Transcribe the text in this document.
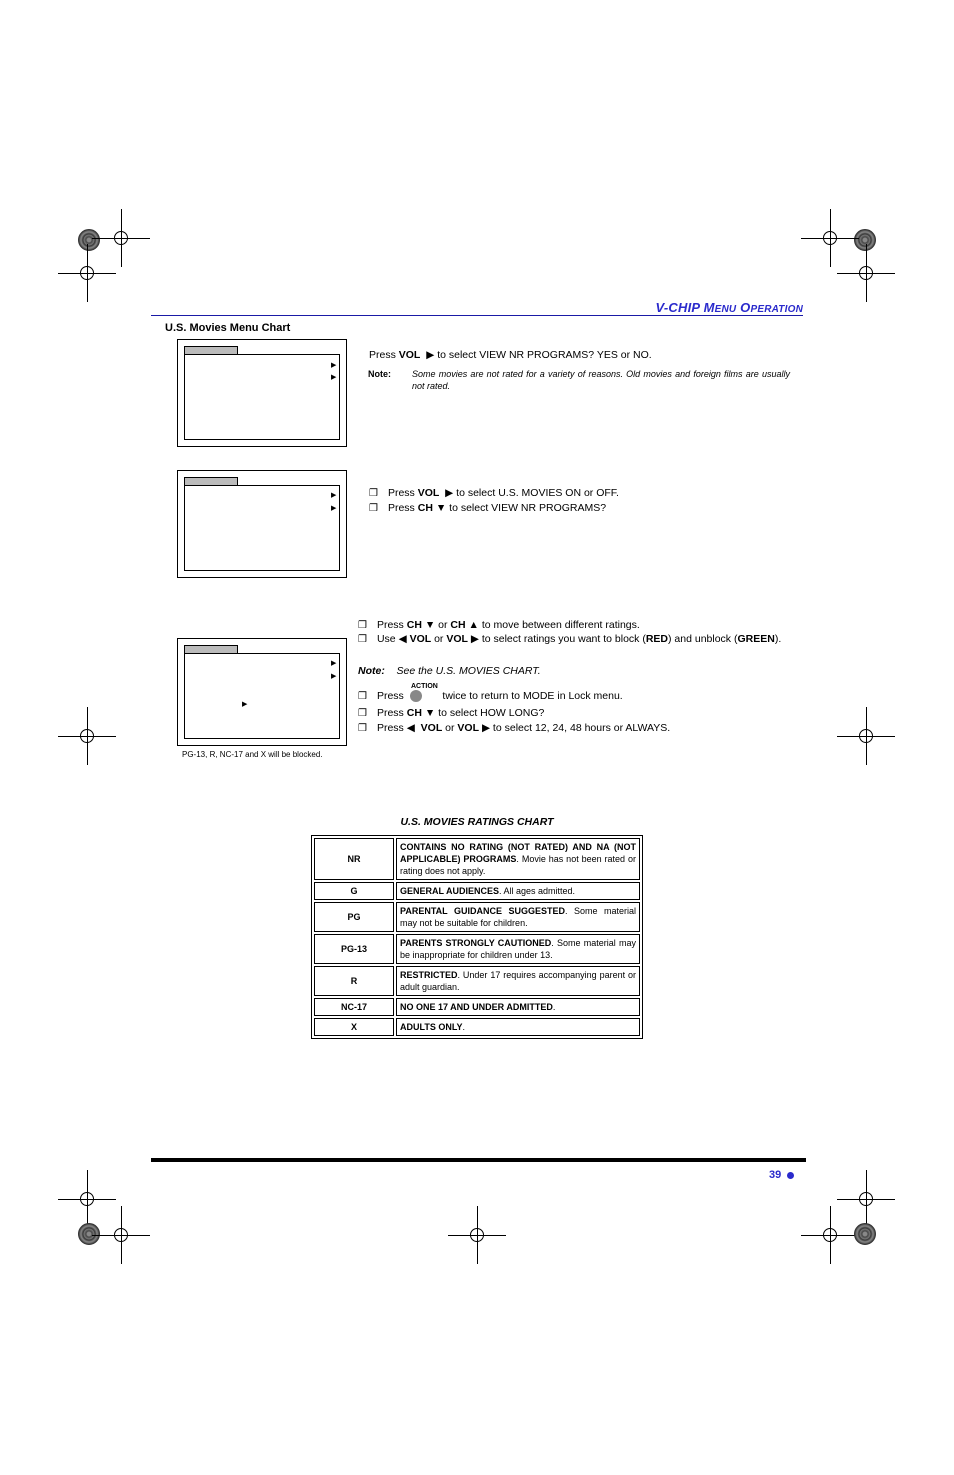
V-CHIP MENU OPERATION
U.S. Movies Menu Chart
▶
▶
Press VOL ▶ to select VIEW NR PROGRAMS? YES or NO.
Note: Some movies are not rated for a variety of reasons. Old movies and foreign films are usually not rated.
▶
▶
❒ Press VOL ▶ to select U.S. MOVIES ON or OFF.
❒ Press CH ▼ to select VIEW NR PROGRAMS?
▶
▶
▶
PG-13, R, NC-17 and X will be blocked.
❒ Press CH ▼ or CH ▲ to move between different ratings.
❒ Use ◀ VOL or VOL ▶ to select ratings you want to block (RED) and unblock (GREEN).
Note: See the U.S. MOVIES CHART.
ACTION
❒ Press	twice to return to MODE in Lock menu.
❒ Press CH ▼ to select HOW LONG?
❒ Press ◀ VOL or VOL ▶ to select 12, 24, 48 hours or ALWAYS.
U.S. MOVIES RATINGS CHART
NR	CONTAINS NO RATING (NOT RATED) AND NA (NOT APPLICABLE) PROGRAMS. Movie has not been rated or rating does not apply.
G	GENERAL AUDIENCES. All ages admitted.
PG	PARENTAL GUIDANCE SUGGESTED. Some material may not be suitable for children.
PG-13	PARENTS STRONGLY CAUTIONED. Some material may be inappropriate for children under 13.
R	RESTRICTED. Under 17 requires accompanying parent or adult guardian.
NC-17	NO ONE 17 AND UNDER ADMITTED.
X	ADULTS ONLY.
39
